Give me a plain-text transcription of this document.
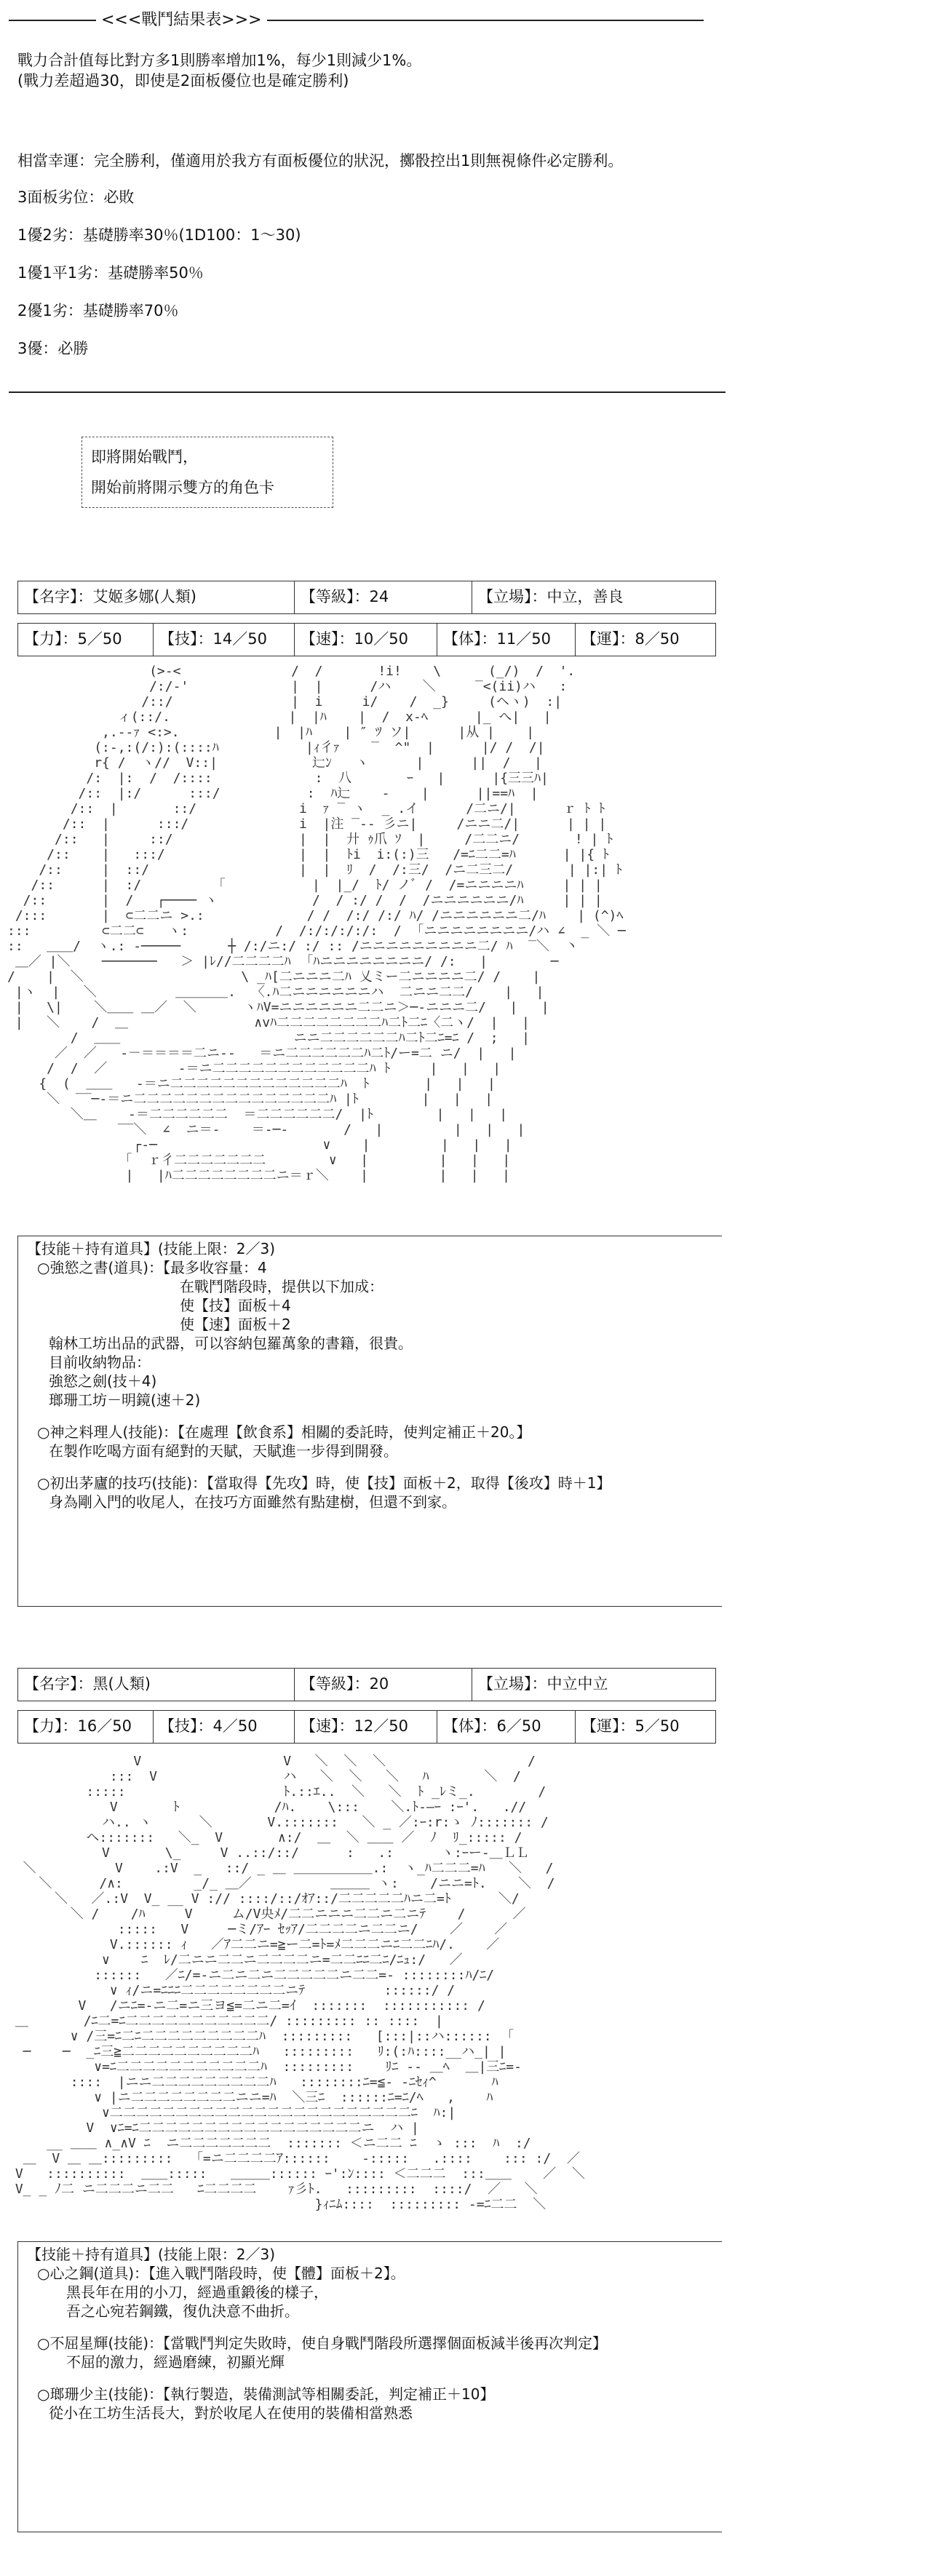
<<<戰鬥結果表>>>
戰力合計值每比對方多1則勝率增加1%，每少1則減少1%。
(戰力差超過30，即使是2面板優位也是確定勝利)
相當幸運：完全勝利，僅適用於我方有面板優位的狀況，擲骰控出1則無視條件必定勝利。
3面板劣位：必敗
1優2劣：基礎勝率30％(1D100：1～30)
1優1平1劣：基礎勝率50％
2優1劣：基礎勝率70％
3優：必勝
即將開始戰鬥，
開始前將開示雙方的角色卡
【名字】：艾姬多娜(人類)	【等級】：24	【立場】：中立，善良
【力】：5／50	【技】：14／50	【速】：10／50	【体】：11／50	【運】：8／50
(>-<              /  /       !i!    \      (_/)  /  '.
/:/-'             |  |      /ハ    ＼     ‾<(ii)ハ   :
/::/               |  i     i/    /  _}     (ヘヽ)  :|
ィ(::/.               |  |ﾊ    |  /  x‐ﾍ      |_ へ|   |
,.-‐ｧ <:>.            |  |ﾊ    | ″ ﾂ ソ|      |从 |    |
(:-,:(/:):(::::ﾊ           |ｨ彳ｧ    ‾  ^"  |      |/ /  /|
r{ /  ヽ//  V::|            辷ﾝ   ヽ      |      ||  /   |
/:  |:  /  /::::             :  八       ｰ   |      |{三三ﾊ|
/::  |:/      :::/           :  ﾊ辷    ‐    |      ||==ﾊ  |
/::  |       ::/             i  ｧ ‾ ヽ  _ .イ      /二ニ/|      ｒ ﾄ ﾄ
/::  |      :::/              i  |注 ‾‐‐ 彡ニ|     /ニニ二/|      | | |
/::   |     ::/                |  |  廾 ｩ爪 ｿ  |     /二二ニ/       ! | ﾄ
/::    |   :::/                 |  |  ﾄi  i:(:)三   /=ﾆ二二=ﾊ      | |{ ﾄ
/::     |  ::/                   |  |  ﾘ  /  /:三/  /ニ二三二/       | |:| ﾄ
/::      |  :/         「           |  |_/  ﾄ/ ノﾞ /  /=ニニニニﾊ     | | |
/::       |  /   ┌──── ヽ            /  / :/ /  /  /ニニニニニニ/ﾊ     | | |
/:::       |  ⊂二二ニ >.:             / /  /:/ /:/ ﾊ/ /ニニニニニニ二/ﾊ    | (^)ﾍ
:::         ⊂二二⊂   ヽ:           /  /:/:/:/:/:  /  ｢ニニニニニニニニ/ハ ∠  _ ＼ ─
::   ＿＿/  ヽ.: ‐─────      ┼ /:/ニ:/ :/ :: /ニニニニニニニニニ二/ ﾊ  ‾＼  丶
＿／ |＼    ───────   ＞ |ﾚ//二二二二ﾊ  ｢ﾊニニニニニニニニ/ /:   |        ─
/    |  ＼                    \ _ﾊ[二ニニニ二ﾊ 乂ミー二ニニニニ二/ /    |
|ヽ  |   ＼          ＿＿＿＿.  〈.ﾊ二ニニニニニニハ  二ニニ二二/    |   |
|   \|    ＼＿＿ ＿／  ＼      ヽﾊV=ニニニニニニ二二ニ＞─‐ニニニ二/   |   |
|   ＼    /  ＿                ∧vﾊ二二二二二二二二ﾊ二ﾄ二ﾆ〈二ヽ/  |   |
/  ＿＿                      ニニ二二二二二二ﾊ二ﾄ二ﾆ=ﾆ /  ;   |
／  ／   ‐－＝＝＝＝二ニ‐‐   ＝ニ二二二二二二ﾊ二ﾄ/ー=二 ニ/  |   |
/  /  ／         ‐＝ニ二二二二二二二二二二二二ﾊ ﾄ     |   |   |
{  (  ＿＿   ‐＝ニ二二二二二二二二二二二二二ﾊ  ﾄ       |   |   |
＼  ‾‾─‐＝ニ二二二二二二二二二二二二二二二ﾊ |ﾄ        |   |   |
＼＿    ‐＝二二二二二二  ＝二二二二二二/  |ﾄ        |   |   |
‾‾＼  ∠  ニ＝‐    ＝‐─‐       /   |         |   |   |
┌‐─                     ∨    |         |   |   |
｢  ｒ彳二二二二二二二        ∨   |         |   |   |
|   |ﾊ二二二二二二二二ニ＝ｒ＼    |         |   |   |

【技能＋持有道具】(技能上限：2／3)

○強慾之書(道具)：【最多收容量：4

在戰鬥階段時，提供以下加成：

使【技】面板＋4

使【速】面板＋2

翰林工坊出品的武器，可以容納包羅萬象的書籍，很貴。

目前收納物品：

強慾之劍(技＋4)

瑯珊工坊－明鏡(速＋2)

○神之料理人(技能)：【在處理【飲食系】相關的委託時，使判定補正＋20。】

在製作吃喝方面有絕對的天賦，天賦進一步得到開發。

○初出茅廬的技巧(技能)：【當取得【先攻】時，使【技】面板＋2，取得【後攻】時＋1】

身為剛入門的收尾人，在技巧方面雖然有點建樹，但還不到家。

【名字】：黑(人類)	【等級】：20	【立場】：中立中立
【力】：16／50	【技】：4／50	【速】：12／50	【体】：6／50	【運】：5／50
V                  V   ＼  ＼  ＼                  /
:::  V                ハ   ＼  ＼   ＼   ﾊ       ＼  /
:::::                    ﾄ.::ｴ..  ＼   ＼  ﾄ _ﾚミ_.        /
V       ﾄ            /ﾊ.    \:::    ＼.ﾄ-―ｰ :ｰ'.   .//
ハ.. ヽ      ＼       V.:::::::   ＼ _ ／:ｰ:r:ゝ ﾉ::::::: /
ヘ:::::::   ＼_  V       ∧:/  ＿  ＼ ＿＿ ／  ﾉ  ﾘ_::::: /
V       \_     V ..::/::/      :   .:      ヽ:ｰー-＿ＬＬ
＼          V    .:V  _   ::/ _ ＿ ＿＿＿＿＿＿.:  ヽ_ﾊ二二二=ﾊ   ＼   /
＼      /∧:         _/_ ＿／          ＿＿＿ ヽ:    /ニニ=ﾄ.    ＼  /
＼   ／.:V  V_ __ V :// ::::/::/ｵｱ::/二二二二二ﾊニ二=ﾄ      ＼/
＼ /    /ﾊ     V     ム/V央ﾒ/二二ニニニ二二ニ二ニﾃ    /      ／
:::::   V     ─ミ/ｱｰ ｾｯｱ/二二二二ニ二二ニ/    ／    ／
V.:::::: ｨ   ／ｱ二二ニ=≧ー二=ﾄ=ﾒ二二二ニﾆ二二ﾆﾊ/.    ／
∨    ﾆ  ﾚ/二ニニ二二ニ二二二二ニ=二二ﾆﾆ二ﾆ/ﾆｭ:/   ／
::::::   ／ﾆ/=-ニ二ニ二ニ二二二二二ニ二二=- ::::::::ﾊ/ﾆ/
∨ ｨ/ニ=ﾆﾆﾆ二二二二二二二二ニﾃ          ::::::/ /
V   /ニﾆ=‐ニ二=ニ三ヨ≦=二ニ二=ｲ  :::::::  ::::::::::: /
＿       /ﾆ二=ﾆ二二二二二二二二二二二/ ::::::::: :: ::::  |
∨ /三=ﾆ二ﾆ二二二二二二二二二ﾊ  :::::::::   [:::|::ハ::::::  ｢
─    ─  _ﾆ三≧二二二二二二二二二二ﾊ   :::::::::   ﾘ:(:ﾊ::::__ハ_| |
∨=ﾆ二二二二二二二二二二二ﾊ  :::::::::    ﾘﾆ ‐‐ ＿ﾍ  ＿|三ﾆ=-
::::  |ニニ二二二二二二二二二ﾊ   ::::::::ﾆ=≦‐ ‐ﾆｾｨ^       ﾊ
∨ |ニ二二二二二二二二ニニ=ﾊ  ＼三ﾆ  ::::::ﾆ=ﾆ/ﾍ   ,    ﾊ
∨二二二二二二二二二二二二二二二二二二二二二二二ﾆ  ﾊ:|
V  ∨ﾆ=ﾆ二二二二二二二二二二二二二二二二二ニ  ハ |
__ ＿＿ ∧_∧V ﾆ  ニ二二二二二二二  ::::::: ＜ニ二二 ﾆ  ゝ :::  ﾊ  :/
＿  V ＿ ＿:::::::::   ｢=ニ二二二二ｱ::::::    ‐:::::   .::::    ::: :/  ／
V   ::::::::::  ＿＿:::::   ＿＿＿:::::: ｰ':ﾝ:::: ＜二二二  :::＿＿    ／  ＼
V_ _ ﾉ二 ニ二二二ニ二二   ﾆ二二二二    ｧ彡ﾄ.   :::::::::  ::::/  ／   ＼
}ｨﾆﾑ::::  ::::::::: ‐=ﾆ二二  ＼

【技能＋持有道具】(技能上限：2／3)

○心之鋼(道具)：【進入戰鬥階段時，使【體】面板＋2】。

黑長年在用的小刀，經過重鍛後的樣子，

吾之心宛若鋼鐵，復仇決意不曲折。

○不屈星輝(技能)：【當戰鬥判定失敗時，使自身戰鬥階段所選擇個面板減半後再次判定】

不屈的激力，經過磨練，初顯光輝

○瑯珊少主(技能)：【執行製造，裝備測試等相關委託，判定補正＋10】

從小在工坊生活長大，對於收尾人在使用的裝備相當熟悉
